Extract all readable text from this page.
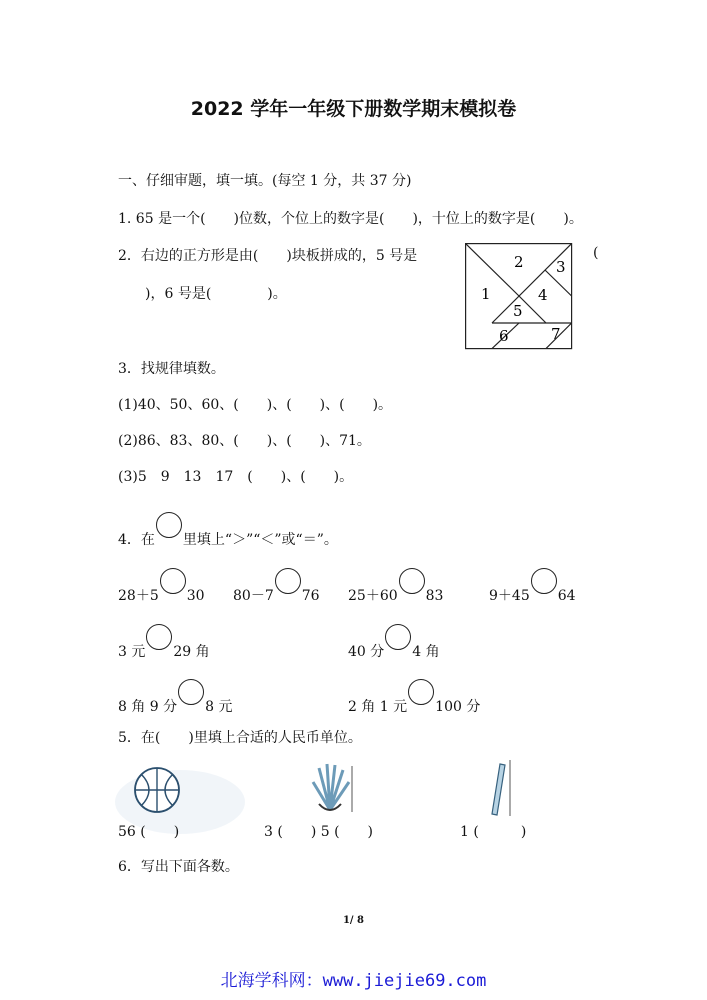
2022 学年一年级下册数学期末模拟卷
一、仔细审题，填一填。(每空 1 分，共 37 分)
1. 65 是一个(　　)位数，个位上的数字是(　　)，十位上的数字是(　　)。
2．右边的正方形是由(　　)块板拼成的，5 号是	(
)，6 号是(　　　　)。	1
2 3
4
5
6	7
3．找规律填数。
(1)40、50、60、(　　)、(　　)、(　　)。
(2)86、83、80、(　　)、(　　)、71。
(3)5　9　13　17　(　　)、(　　)。
4．在 里填上“＞”“＜”或“＝”。
28＋5 30 80－7 76 25＋60 83	9＋45 64
3 元 29 角	40 分 4 角
8 角 9 分 8 元	2 角 1 元 100 分
5．在(　　)里填上合适的人民币单位。
56 (　　)	3 (　　) 5 (　　)	1 (　　　)
6．写出下面各数。
1/ 8
北海学科网：www.jiejie69.com
